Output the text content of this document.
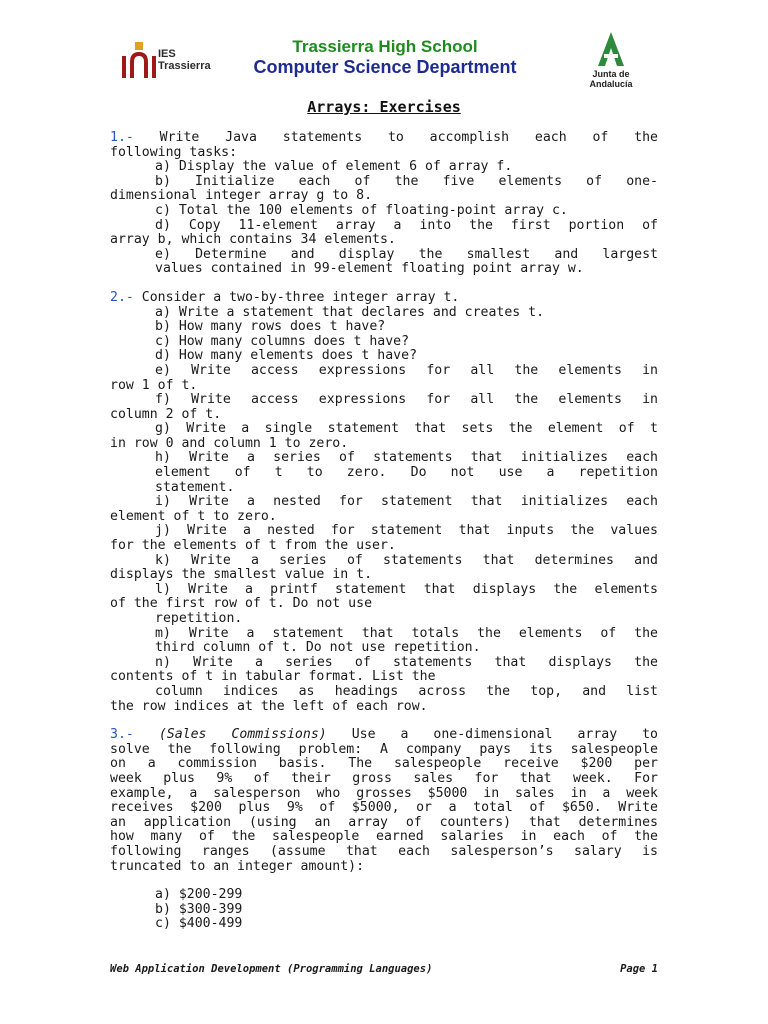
IES Trassierra
Trassierra High School
Computer Science Department	Junta de Andalucía
Arrays: Exercises
1.- Write Java statements to accomplish each of the
following tasks:
a) Display the value of element 6 of array f.
b) Initialize each of the five elements of one-
dimensional integer array g to 8.
c) Total the 100 elements of floating-point array c.
d) Copy 11-element array a into the first portion of
array b, which contains 34 elements.
e) Determine and display the smallest and largest
values contained in 99-element floating point array w.
2.- Consider a two-by-three integer array t.
a) Write a statement that declares and creates t.
b) How many rows does t have?
c) How many columns does t have?
d) How many elements does t have?
e) Write access expressions for all the elements in
row 1 of t.
f) Write access expressions for all the elements in
column 2 of t.
g) Write a single statement that sets the element of t
in row 0 and column 1 to zero.
h) Write a series of statements that initializes each
element of t to zero. Do not use a repetition
statement.
i) Write a nested for statement that initializes each
element of t to zero.
j) Write a nested for statement that inputs the values
for the elements of t from the user.
k) Write a series of statements that determines and
displays the smallest value in t.
l) Write a printf statement that displays the elements
of the first row of t. Do not use
repetition.
m) Write a statement that totals the elements of the
third column of t. Do not use repetition.
n) Write a series of statements that displays the
contents of t in tabular format. List the
column indices as headings across the top, and list
the row indices at the left of each row.
3.- (Sales Commissions) Use a one-dimensional array to
solve the following problem: A company pays its salespeople
on a commission basis. The salespeople receive $200 per
week plus 9% of their gross sales for that week. For
example, a salesperson who grosses $5000 in sales in a week
receives $200 plus 9% of $5000, or a total of $650. Write
an application (using an array of counters) that determines
how many of the salespeople earned salaries in each of the
following ranges (assume that each salesperson’s salary is
truncated to an integer amount):
a) $200-299
b) $300-399
c) $400-499
Web Application Development (Programming Languages)	Page 1
